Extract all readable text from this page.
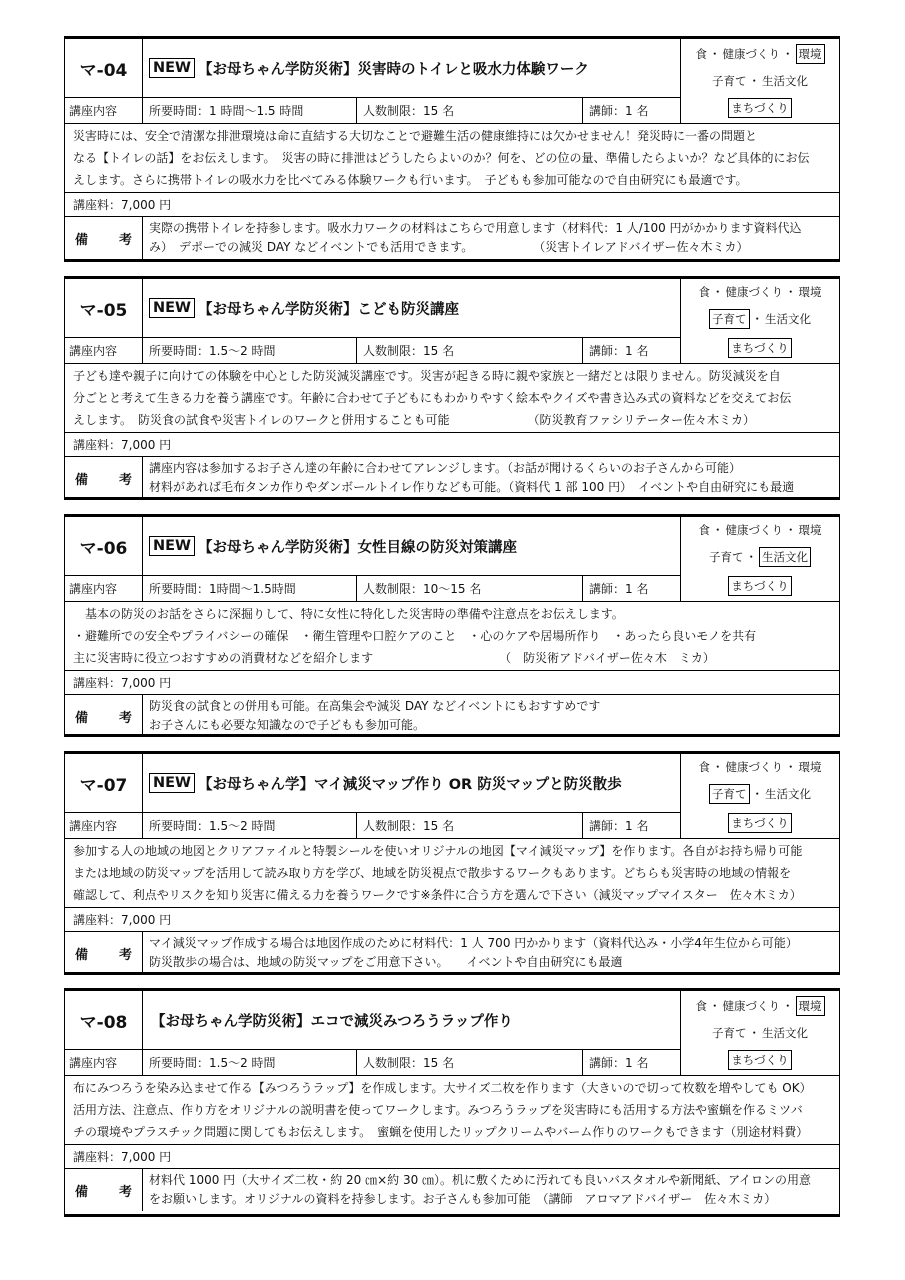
マ-04	NEW 【お母ちゃん学防災術】災害時のトイレと吸水力体験ワーク
講座内容	所要時間：1 時間～1.5 時間	人数制限：15 名	講師：1 名
食 ・ 健康づくり ・ 環境
子育て ・ 生活文化
まちづくり
災害時には、安全で清潔な排泄環境は命に直結する大切なことで避難生活の健康維持には欠かせません！発災時に一番の問題と
なる【トイレの話】をお伝えします。　災害の時に排泄はどうしたらよいのか？何を、どの位の量、準備したらよいか？など具体的にお伝
えします。さらに携帯トイレの吸水力を比べてみる体験ワークも行います。　子どもも参加可能なので自由研究にも最適です。
講座料： 7,000 円
備 考
実際の携帯トイレを持参します。吸水力ワークの材料はこちらで用意します（材料代：1 人/100 円がかかります資料代込
み）　デポーでの減災 DAY などイベントでも活用できます。　　　　　　（災害トイレアドバイザー佐々木ミカ）
マ-05	NEW 【お母ちゃん学防災術】こども防災講座
講座内容	所要時間：1.5～2 時間	人数制限：15 名	講師：1 名
食 ・ 健康づくり ・ 環境
子育て ・ 生活文化
まちづくり
子ども達や親子に向けての体験を中心とした防災減災講座です。災害が起きる時に親や家族と一緒だとは限りません。防災減災を自
分ごとと考えて生きる力を養う講座です。年齢に合わせて子どもにもわかりやすく絵本やクイズや書き込み式の資料などを交えてお伝
えします。　防災食の試食や災害トイレのワークと併用することも可能　　　　　　　（防災教育ファシリテーター佐々木ミカ）
講座料： 7,000 円
備 考
講座内容は参加するお子さん達の年齢に合わせてアレンジします。（お話が聞けるくらいのお子さんから可能）
材料があれば毛布タンカ作りやダンボールトイレ作りなども可能。（資料代 1 部 100 円）　イベントや自由研究にも最適
マ-06	NEW 【お母ちゃん学防災術】女性目線の防災対策講座
講座内容	所要時間：1時間～1.5時間	人数制限：10～15 名	講師：1 名
食 ・ 健康づくり ・ 環境
子育て ・ 生活文化
まちづくり
　基本の防災のお話をさらに深掘りして、特に女性に特化した災害時の準備や注意点をお伝えします。
・避難所での安全やプライバシーの確保　・衛生管理や口腔ケアのこと　・心のケアや居場所作り　・あったら良いモノを共有
主に災害時に役立つおすすめの消費材などを紹介します　　　　　　　　　　　（　防災術アドバイザー佐々木　ミカ）
講座料： 7,000 円
備 考
防災食の試食との併用も可能。在高集会や減災 DAY などイベントにもおすすめです
お子さんにも必要な知識なので子どもも参加可能。
マ-07	NEW 【お母ちゃん学】マイ減災マップ作り OR 防災マップと防災散歩
講座内容	所要時間：1.5～2 時間	人数制限：15 名	講師：1 名
食 ・ 健康づくり ・ 環境
子育て ・ 生活文化
まちづくり
参加する人の地域の地図とクリアファイルと特製シールを使いオリジナルの地図【マイ減災マップ】を作ります。各自がお持ち帰り可能
または地域の防災マップを活用して読み取り方を学び、地域を防災視点で散歩するワークもあります。どちらも災害時の地域の情報を
確認して、利点やリスクを知り災害に備える力を養うワークです※条件に合う方を選んで下さい（減災マップマイスター　佐々木ミカ）
講座料： 7,000 円
備 考
マイ減災マップ作成する場合は地図作成のために材料代：1 人 700 円かかります（資料代込み・小学4年生位から可能）
防災散歩の場合は、地域の防災マップをご用意下さい。　　イベントや自由研究にも最適
マ-08	【お母ちゃん学防災術】エコで減災みつろうラップ作り
講座内容	所要時間：1.5～2 時間	人数制限：15 名	講師：1 名
食 ・ 健康づくり ・ 環境
子育て ・ 生活文化
まちづくり
布にみつろうを染み込ませて作る【みつろうラップ】を作成します。大サイズ二枚を作ります（大きいので切って枚数を増やしても OK）
活用方法、注意点、作り方をオリジナルの説明書を使ってワークします。みつろうラップを災害時にも活用する方法や蜜蝋を作るミツバ
チの環境やプラスチック問題に関してもお伝えします。　蜜蝋を使用したリップクリームやバーム作りのワークもできます（別途材料費）
講座料： 7,000 円
備 考
材料代 1000 円（大サイズ二枚・約 20 ㎝×約 30 ㎝）。机に敷くために汚れても良いバスタオルや新聞紙、アイロンの用意
をお願いします。オリジナルの資料を持参します。お子さんも参加可能　（講師　アロマアドバイザー　佐々木ミカ）
